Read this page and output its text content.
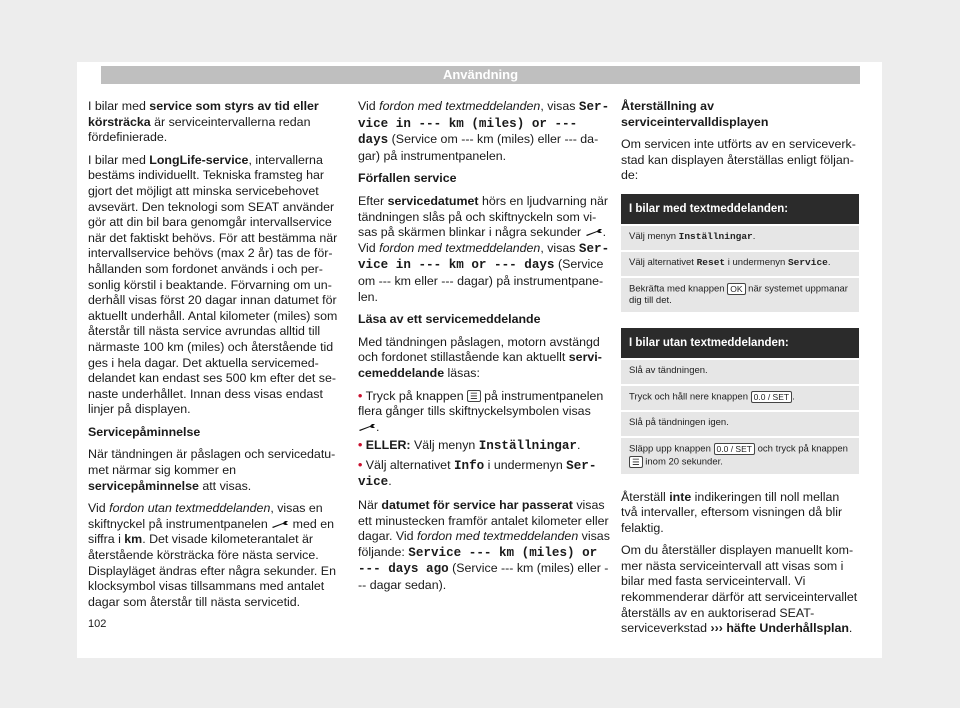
Användning

I bilar med service som styrs av tid eller körsträcka är serviceintervallerna redan fördefinierade.

I bilar med LongLife-service, intervallerna bestäms individuellt. Tekniska framsteg har gjort det möjligt att minska servicebehovet avsevärt. Den teknologi som SEAT använder gör att din bil bara genomgår intervallservice när det faktiskt behövs. För att bestämma när intervallservice behövs (max 2 år) tas de förhållanden som fordonet används i och personlig körstil i beaktande. Förvarning om underhåll visas först 20 dagar innan datumet för aktuellt underhåll. Antal kilometer (miles) som återstår till nästa service avrundas alltid till närmaste 100 km (miles) och återstående tid ges i hela dagar. Det aktuella servicemeddelandet kan endast ses 500 km efter det senaste underhållet. Innan dess visas endast linjer på displayen.

Servicepåminnelse

När tändningen är påslagen och servicedatumet närmar sig kommer en servicepåminnelse att visas.

Vid fordon utan textmeddelanden, visas en skiftnyckel på instrumentpanelen  med en siffra i km. Det visade kilometerantalet är återstående körsträcka före nästa service. Displayläget ändras efter några sekunder. En klocksymbol visas tillsammans med antalet dagar som återstår till nästa servicetid.

Vid fordon med textmeddelanden, visas Service in --- km (miles) or --- days (Service om --- km (miles) eller --- dagar) på instrumentpanelen.

Förfallen service

Efter servicedatumet hörs en ljudvarning när tändningen slås på och skiftnyckeln som visas på skärmen blinkar i några sekunder . Vid fordon med textmeddelanden, visas Service in --- km or --- days (Service om --- km eller --- dagar) på instrumentpanelen.

Läsa av ett servicemeddelande

Med tändningen påslagen, motorn avstängd och fordonet stillastående kan aktuellt servicemeddelande läsas:

• Tryck på knappen ☰ på instrumentpanelen flera gånger tills skiftnyckelsymbolen visas .

• ELLER: Välj menyn Inställningar.

• Välj alternativet Info i undermenyn Service.

När datumet för service har passerat visas ett minustecken framför antalet kilometer eller dagar. Vid fordon med textmeddelanden visas följande: Service --- km (miles) or --- days ago (Service --- km (miles) eller --- dagar sedan).

Återställning av serviceintervalldisplayen

Om servicen inte utförts av en serviceverkstad kan displayen återställas enligt följande:

I bilar med textmeddelanden:
Välj menyn Inställningar.
Välj alternativet Reset i undermenyn Service.
Bekräfta med knappen OK när systemet uppmanar dig till det.
I bilar utan textmeddelanden:
Slå av tändningen.
Tryck och håll nere knappen 0.0 / SET .
Slå på tändningen igen.
Släpp upp knappen 0.0 / SET och tryck på knappen ☰ inom 20 sekunder.

Återställ inte indikeringen till noll mellan två intervaller, eftersom visningen då blir felaktig.

Om du återställer displayen manuellt kommer nästa serviceintervall att visas som i bilar med fasta serviceintervall. Vi rekommenderar därför att serviceintervallet återställs av en auktoriserad SEAT-serviceverkstad ››› häfte Underhållsplan.

102
